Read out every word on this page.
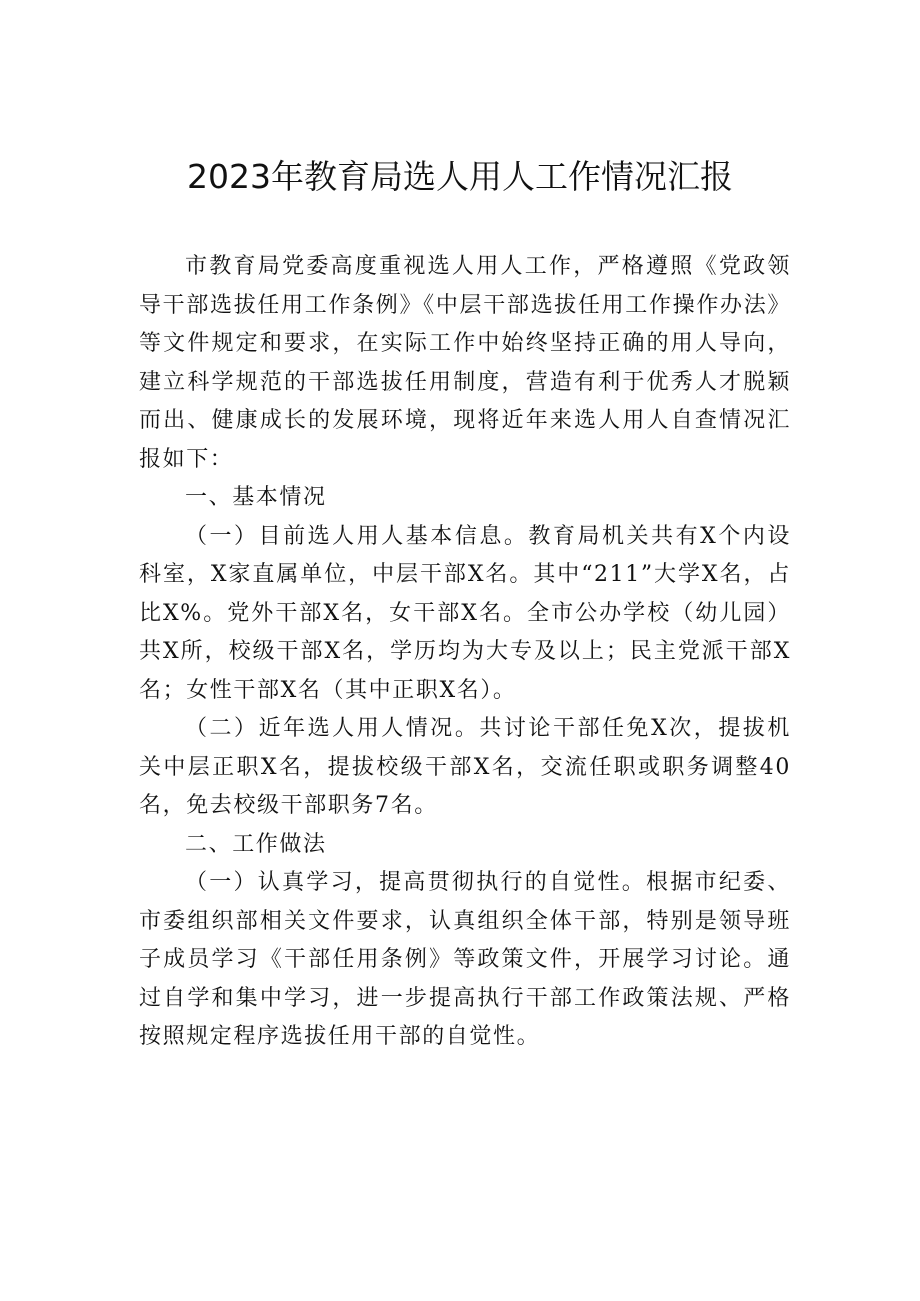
2023年教育局选人用人工作情况汇报

市教育局党委高度重视选人用人工作，严格遵照《党政领导干部选拔任用工作条例》《中层干部选拔任用工作操作办法》等文件规定和要求，在实际工作中始终坚持正确的用人导向，建立科学规范的干部选拔任用制度，营造有利于优秀人才脱颖而出、健康成长的发展环境，现将近年来选人用人自查情况汇报如下：

一、基本情况

（一）目前选人用人基本信息。教育局机关共有X个内设科室，X家直属单位，中层干部X名。其中“211”大学X名，占比X%。党外干部X名，女干部X名。全市公办学校（幼儿园）共X所，校级干部X名，学历均为大专及以上；民主党派干部X名；女性干部X名（其中正职X名）。

（二）近年选人用人情况。共讨论干部任免X次，提拔机关中层正职X名，提拔校级干部X名，交流任职或职务调整40名，免去校级干部职务7名。

二、工作做法

（一）认真学习，提高贯彻执行的自觉性。根据市纪委、市委组织部相关文件要求，认真组织全体干部，特别是领导班子成员学习《干部任用条例》等政策文件，开展学习讨论。通过自学和集中学习，进一步提高执行干部工作政策法规、严格按照规定程序选拔任用干部的自觉性。
